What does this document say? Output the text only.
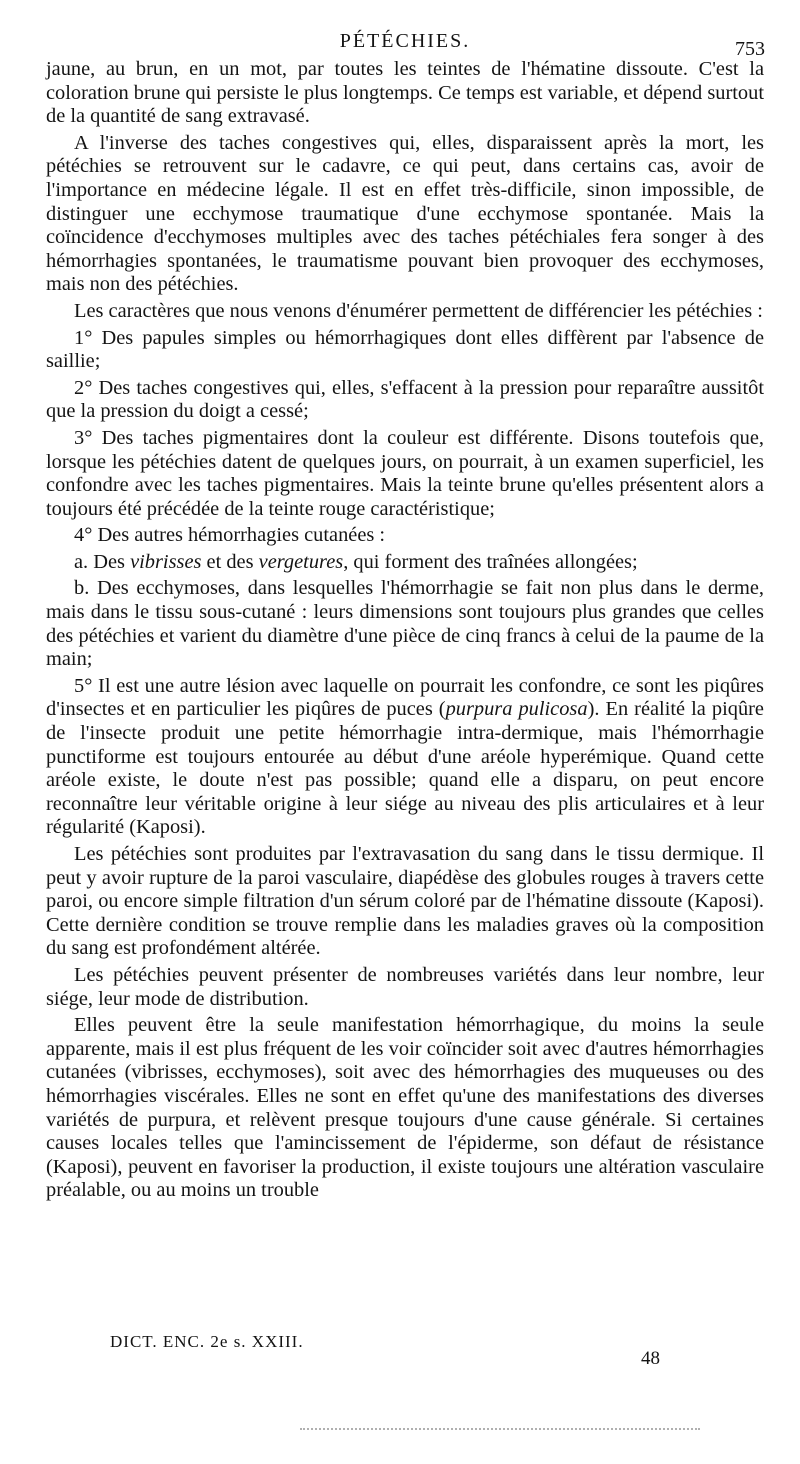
PÉTÉCHIES.	753

jaune, au brun, en un mot, par toutes les teintes de l'hématine dissoute. C'est la coloration brune qui persiste le plus longtemps. Ce temps est variable, et dépend surtout de la quantité de sang extravasé.

A l'inverse des taches congestives qui, elles, disparaissent après la mort, les pétéchies se retrouvent sur le cadavre, ce qui peut, dans certains cas, avoir de l'importance en médecine légale. Il est en effet très-difficile, sinon impossible, de distinguer une ecchymose traumatique d'une ecchymose spontanée. Mais la coïncidence d'ecchymoses multiples avec des taches pétéchiales fera songer à des hémorrhagies spontanées, le traumatisme pouvant bien provoquer des ecchymoses, mais non des pétéchies.

Les caractères que nous venons d'énumérer permettent de différencier les pétéchies :

1° Des papules simples ou hémorrhagiques dont elles diffèrent par l'absence de saillie;

2° Des taches congestives qui, elles, s'effacent à la pression pour reparaître aussitôt que la pression du doigt a cessé;

3° Des taches pigmentaires dont la couleur est différente. Disons toutefois que, lorsque les pétéchies datent de quelques jours, on pourrait, à un examen superficiel, les confondre avec les taches pigmentaires. Mais la teinte brune qu'elles présentent alors a toujours été précédée de la teinte rouge caractéristique;

4° Des autres hémorrhagies cutanées :

a. Des vibrisses et des vergetures, qui forment des traînées allongées;

b. Des ecchymoses, dans lesquelles l'hémorrhagie se fait non plus dans le derme, mais dans le tissu sous-cutané : leurs dimensions sont toujours plus grandes que celles des pétéchies et varient du diamètre d'une pièce de cinq francs à celui de la paume de la main;

5° Il est une autre lésion avec laquelle on pourrait les confondre, ce sont les piqûres d'insectes et en particulier les piqûres de puces (purpura pulicosa). En réalité la piqûre de l'insecte produit une petite hémorrhagie intra-dermique, mais l'hémorrhagie punctiforme est toujours entourée au début d'une aréole hyperémique. Quand cette aréole existe, le doute n'est pas possible; quand elle a disparu, on peut encore reconnaître leur véritable origine à leur siége au niveau des plis articulaires et à leur régularité (Kaposi).

Les pétéchies sont produites par l'extravasation du sang dans le tissu dermique. Il peut y avoir rupture de la paroi vasculaire, diapédèse des globules rouges à travers cette paroi, ou encore simple filtration d'un sérum coloré par de l'hématine dissoute (Kaposi). Cette dernière condition se trouve remplie dans les maladies graves où la composition du sang est profondément altérée.

Les pétéchies peuvent présenter de nombreuses variétés dans leur nombre, leur siége, leur mode de distribution.

Elles peuvent être la seule manifestation hémorrhagique, du moins la seule apparente, mais il est plus fréquent de les voir coïncider soit avec d'autres hémorrhagies cutanées (vibrisses, ecchymoses), soit avec des hémorrhagies des muqueuses ou des hémorrhagies viscérales. Elles ne sont en effet qu'une des manifestations des diverses variétés de purpura, et relèvent presque toujours d'une cause générale. Si certaines causes locales telles que l'amincissement de l'épiderme, son défaut de résistance (Kaposi), peuvent en favoriser la production, il existe toujours une altération vasculaire préalable, ou au moins un trouble

DICT. ENC. 2e s. XXIII.
48
